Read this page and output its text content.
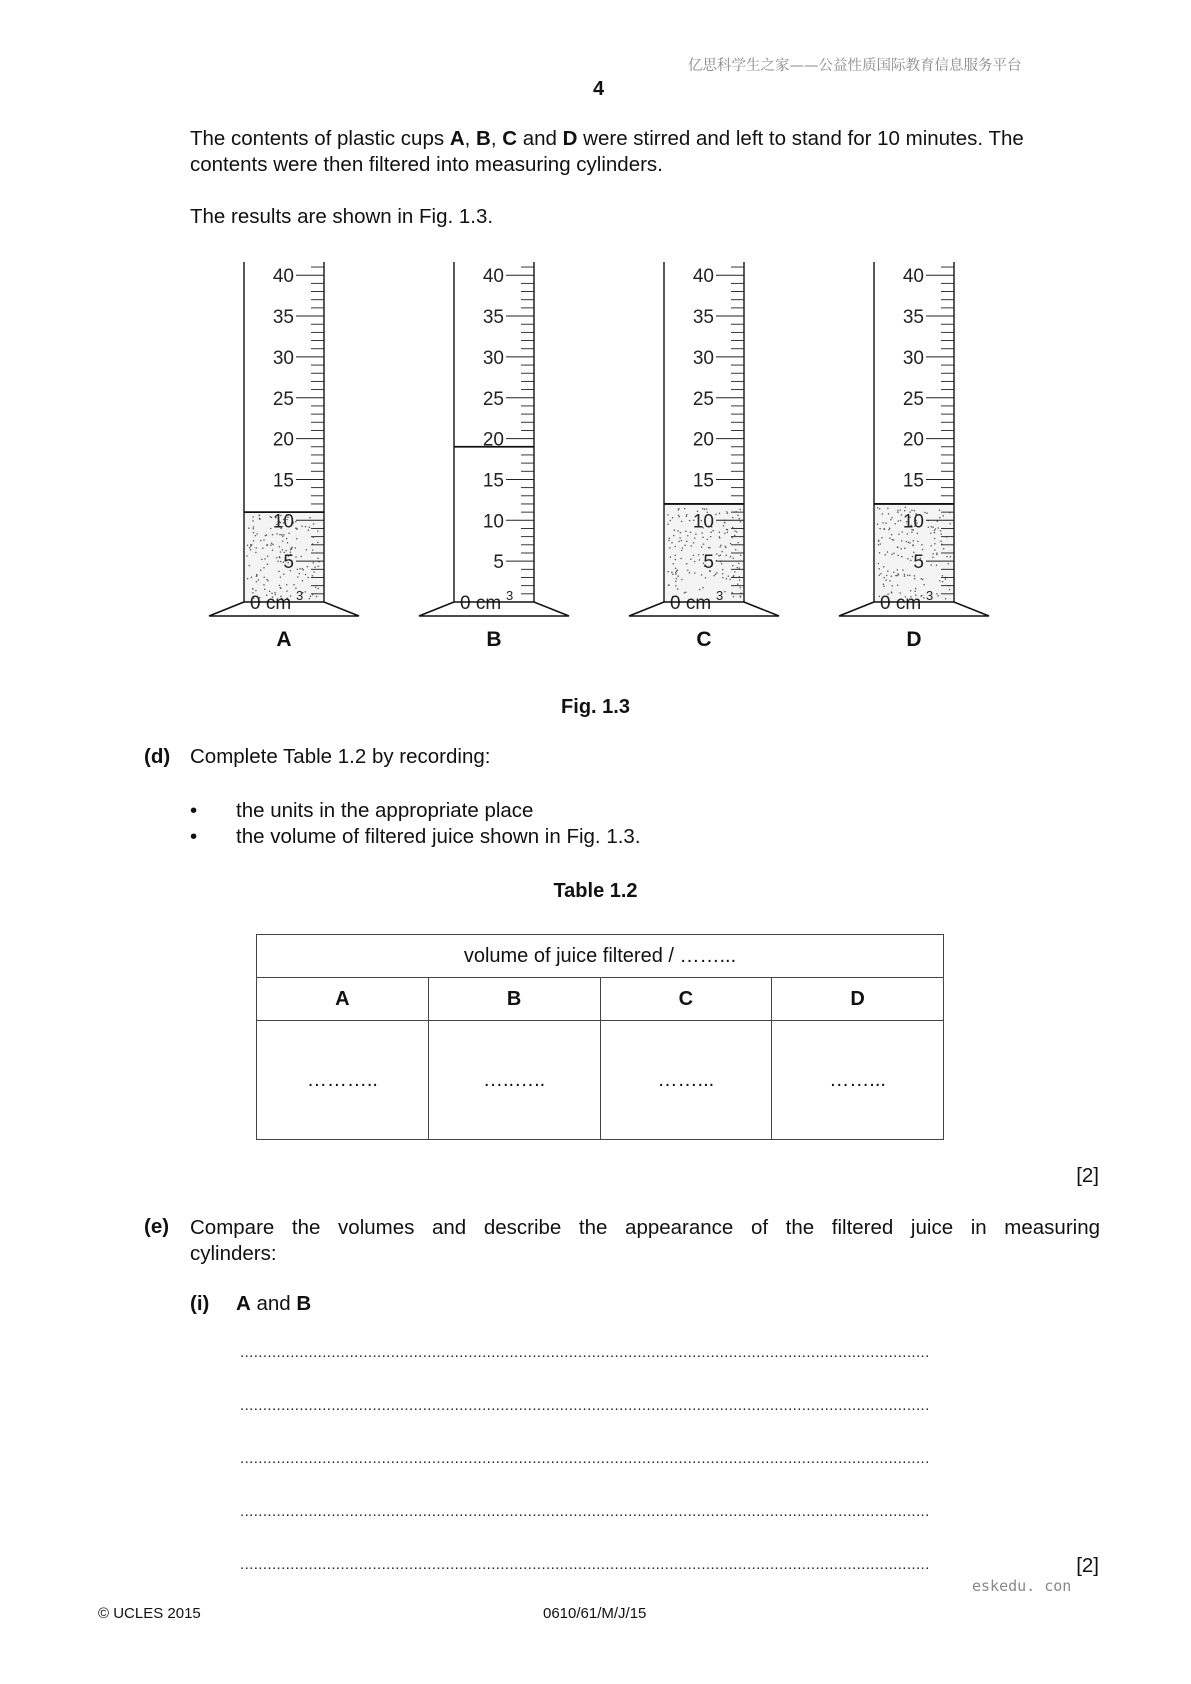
亿思科学生之家——公益性质国际教育信息服务平台
4

The contents of plastic cups A, B, C and D were stirred and left to stand for 10 minutes. The
contents were then filtered into measuring cylinders.

The results are shown in Fig. 1.3.

40
35
30
25
20
15
10
5
0 cm 3
A
40
35
30
25
20
15
10
5
0 cm 3
B
40
35
30
25
20
15
10
5
0 cm 3
C
40
35
30
25
20
15
10
5
0 cm 3
D
Fig. 1.3
(d) Complete Table 1.2 by recording:
• the units in the appropriate place
• the volume of filtered juice shown in Fig. 1.3.
Table 1.2
volume of juice filtered / ……...			
A	B	C	D
………..	…..…..	……...	……...
[2]
(e) Compare the volumes and describe the appearance of the filtered juice in measuring

cylinders:

(i) A and B
.......................................................................................................................................................
.......................................................................................................................................................
.......................................................................................................................................................
.......................................................................................................................................................
.......................................................................................................................................................	[2]
eskedu. con
© UCLES 2015	0610/61/M/J/15
